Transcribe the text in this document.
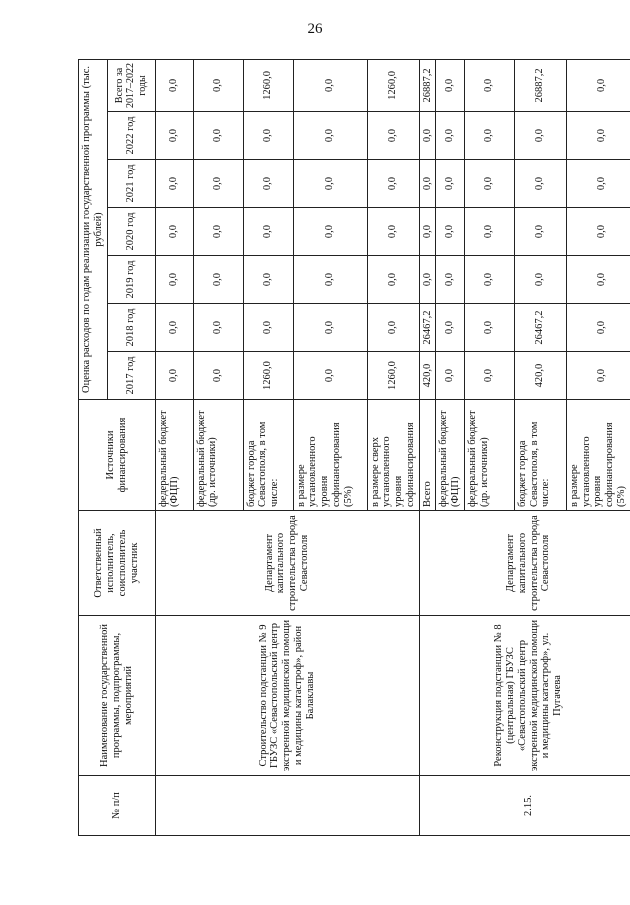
26
№ п/п	Наименование государственной программы, подпрограммы, мероприятий	Ответственный исполнитель, соисполнитель участник	Источники финансирования	Оценка расходов по годам реализации государственной программы (тыс. рублей)						
				2017 год	2018 год	2019 год	2020 год	2021 год	2022 год	Всего за 2017–2022 годы
	Строительство подстанции № 9 ГБУЗС «Севастопольский центр экстренной медицинской помощи и медицины катастроф», район Балаклавы	Департамент капитального строительства города Севастополя	федеральный бюджет (ФЦП)	0,0	0,0	0,0	0,0	0,0	0,0	0,0
			федеральный бюджет (др. источники)	0,0	0,0	0,0	0,0	0,0	0,0	0,0
			бюджет города Севастополя, в том числе:	1260,0	0,0	0,0	0,0	0,0	0,0	1260,0
			в размере установленного уровня софинансирования (5%)	0,0	0,0	0,0	0,0	0,0	0,0	0,0
			в размере сверх установленного уровня софинансирования	1260,0	0,0	0,0	0,0	0,0	0,0	1260,0
2.15.	Реконструкция подстанции № 8 (центральная) ГБУЗС «Севастопольский центр экстренной медицинской помощи и медицины катастроф», ул. Пугачева	Департамент капитального строительства города Севастополя	Всего	420,0	26467,2	0,0	0,0	0,0	0,0	26887,2
			федеральный бюджет (ФЦП)	0,0	0,0	0,0	0,0	0,0	0,0	0,0
			федеральный бюджет (др. источники)	0,0	0,0	0,0	0,0	0,0	0,0	0,0
			бюджет города Севастополя, в том числе:	420,0	26467,2	0,0	0,0	0,0	0,0	26887,2
			в размере установленного уровня софинансирования (5%)	0,0	0,0	0,0	0,0	0,0	0,0	0,0
